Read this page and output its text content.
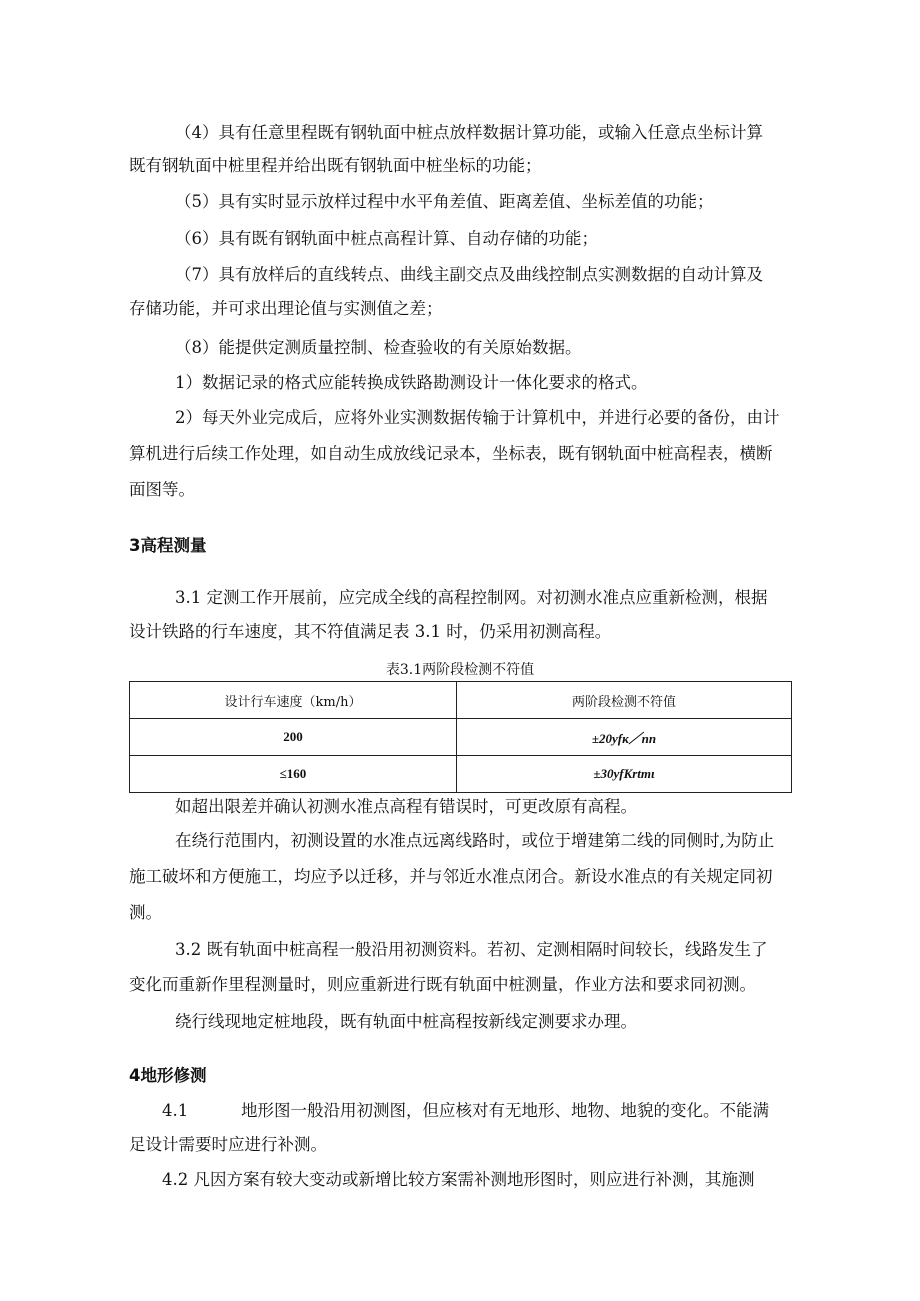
（4）具有任意里程既有钢轨面中桩点放样数据计算功能，或输入任意点坐标计算
既有钢轨面中桩里程并给出既有钢轨面中桩坐标的功能；
（5）具有实时显示放样过程中水平角差值、距离差值、坐标差值的功能；
（6）具有既有钢轨面中桩点高程计算、自动存储的功能；
（7）具有放样后的直线转点、曲线主副交点及曲线控制点实测数据的自动计算及
存储功能，并可求出理论值与实测值之差；
（8）能提供定测质量控制、检查验收的有关原始数据。
1）数据记录的格式应能转换成铁路勘测设计一体化要求的格式。
2）每天外业完成后，应将外业实测数据传输于计算机中，并进行必要的备份，由计
算机进行后续工作处理，如自动生成放线记录本，坐标表，既有钢轨面中桩高程表，横断
面图等。
3高程测量
3.1 定测工作开展前，应完成全线的高程控制网。对初测水准点应重新检测，根据
设计铁路的行车速度，其不符值满足表 3.1 时，仍采用初测高程。
表3.1两阶段检测不符值
设计行车速度（km/h）	两阶段检测不符值
200	±20yfк／nn
≤160	±30yfKrtmι
如超出限差并确认初测水准点高程有错误时，可更改原有高程。
在绕行范围内，初测设置的水准点远离线路时，或位于增建第二线的同侧时,为防止
施工破坏和方便施工，均应予以迁移，并与邻近水准点闭合。新设水准点的有关规定同初
测。
3.2 既有轨面中桩高程一般沿用初测资料。若初、定测相隔时间较长，线路发生了
变化而重新作里程测量时，则应重新进行既有轨面中桩测量，作业方法和要求同初测。
绕行线现地定桩地段，既有轨面中桩高程按新线定测要求办理。
4地形修测
4.1	地形图一般沿用初测图，但应核对有无地形、地物、地貌的变化。不能满
足设计需要时应进行补测。
4.2 凡因方案有较大变动或新增比较方案需补测地形图时，则应进行补测，其施测
